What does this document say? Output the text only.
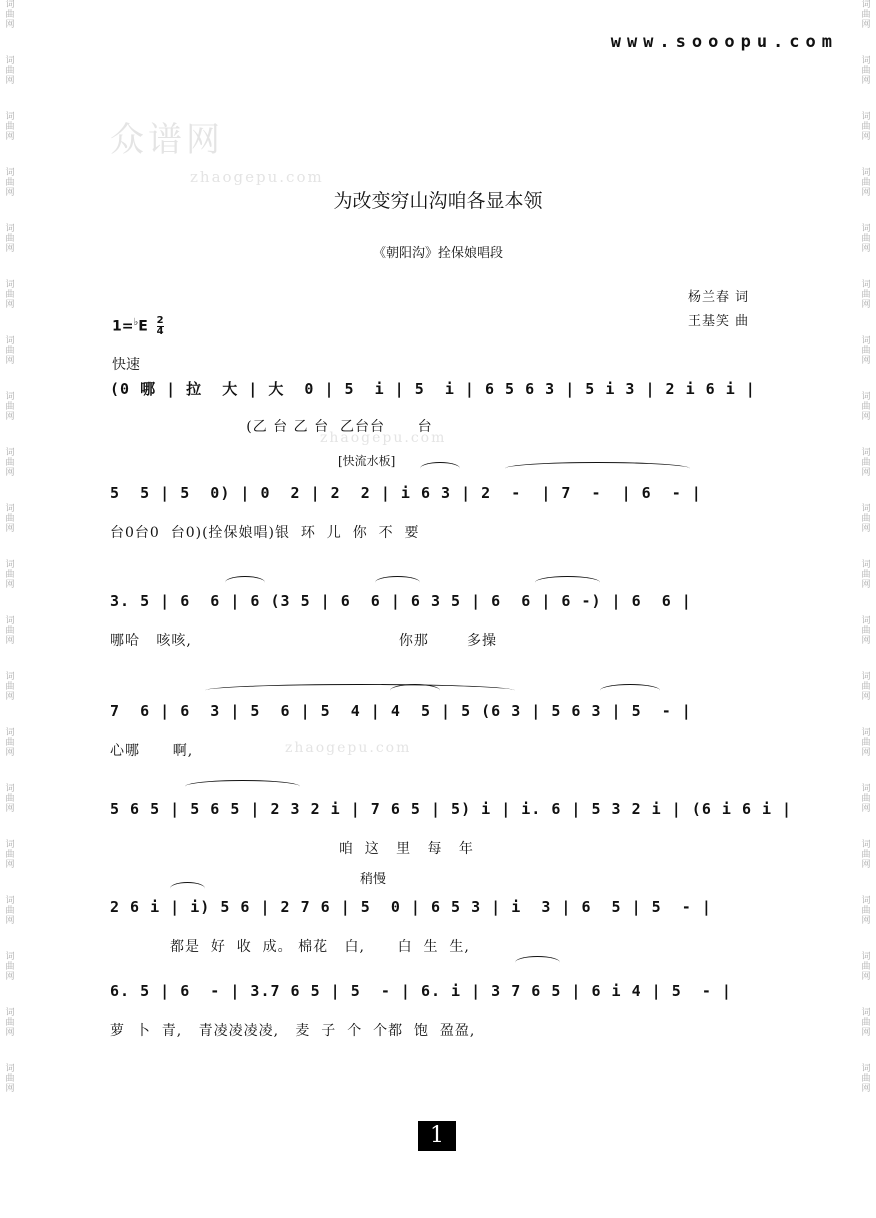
词
曲
网
词
曲
网
词
曲
网
词
曲
网
词
曲
网
词
曲
网
词
曲
网
词
曲
网
词
曲
网
词
曲
网
词
曲
网
词
曲
网
词
曲
网
词
曲
网
词
曲
网
词
曲
网
词
曲
网
词
曲
网
词
曲
网
词
曲
网
词
曲
网
词
曲
网
词
曲
网
词
曲
网
词
曲
网
词
曲
网
词
曲
网
词
曲
网
词
曲
网
词
曲
网
词
曲
网
词
曲
网
词
曲
网
词
曲
网
词
曲
网
词
曲
网
词
曲
网
词
曲
网
词
曲
网
词
曲
网
www.sooopu.com
众谱网
zhaogepu.com
zhaogepu.com
zhaogepu.com
为改变穷山沟咱各显本领
《朝阳沟》拴保娘唱段
杨兰春 词
王基笑 曲
$1=^♭E \frac{2}{4}$
快速
稍慢
[快流水板]
(0 哪 | 拉  大 | 大  0 | 5  i | 5  i | 6 5 6 3 | 5 i 3 | 2 i 6 i |
(乙 台 乙 台  乙台台      台
5  5 | 5  0) | 0  2 | 2  2 | i 6 3 | 2  -  | 7  -  | 6  - |
台0台0  台0)(拴保娘唱)银  环  儿  你  不  要
3. 5 | 6  6 | 6 (3 5 | 6  6 | 6 3 5 | 6  6 | 6 -) | 6  6 |
哪哈   咳咳,                                      你那       多操
7  6 | 6  3 | 5  6 | 5  4 | 4  5 | 5 (6 3 | 5 6 3 | 5  - |
心哪      啊,
5 6 5 | 5 6 5 | 2 3 2 i | 7 6 5 | 5) i | i. 6 | 5 3 2 i | (6 i 6 i |
咱  这   里   每   年
2 6 i | i) 5 6 | 2 7 6 | 5  0 | 6 5 3 | i  3 | 6  5 | 5  - |
都是  好  收  成。 棉花   白,      白  生  生,
6. 5 | 6  - | 3.7 6 5 | 5  - | 6. i | 3 7 6 5 | 6 i 4 | 5  - |
萝  卜  青,   青凌凌凌凌,   麦  子  个  个都  饱  盈盈,
1
